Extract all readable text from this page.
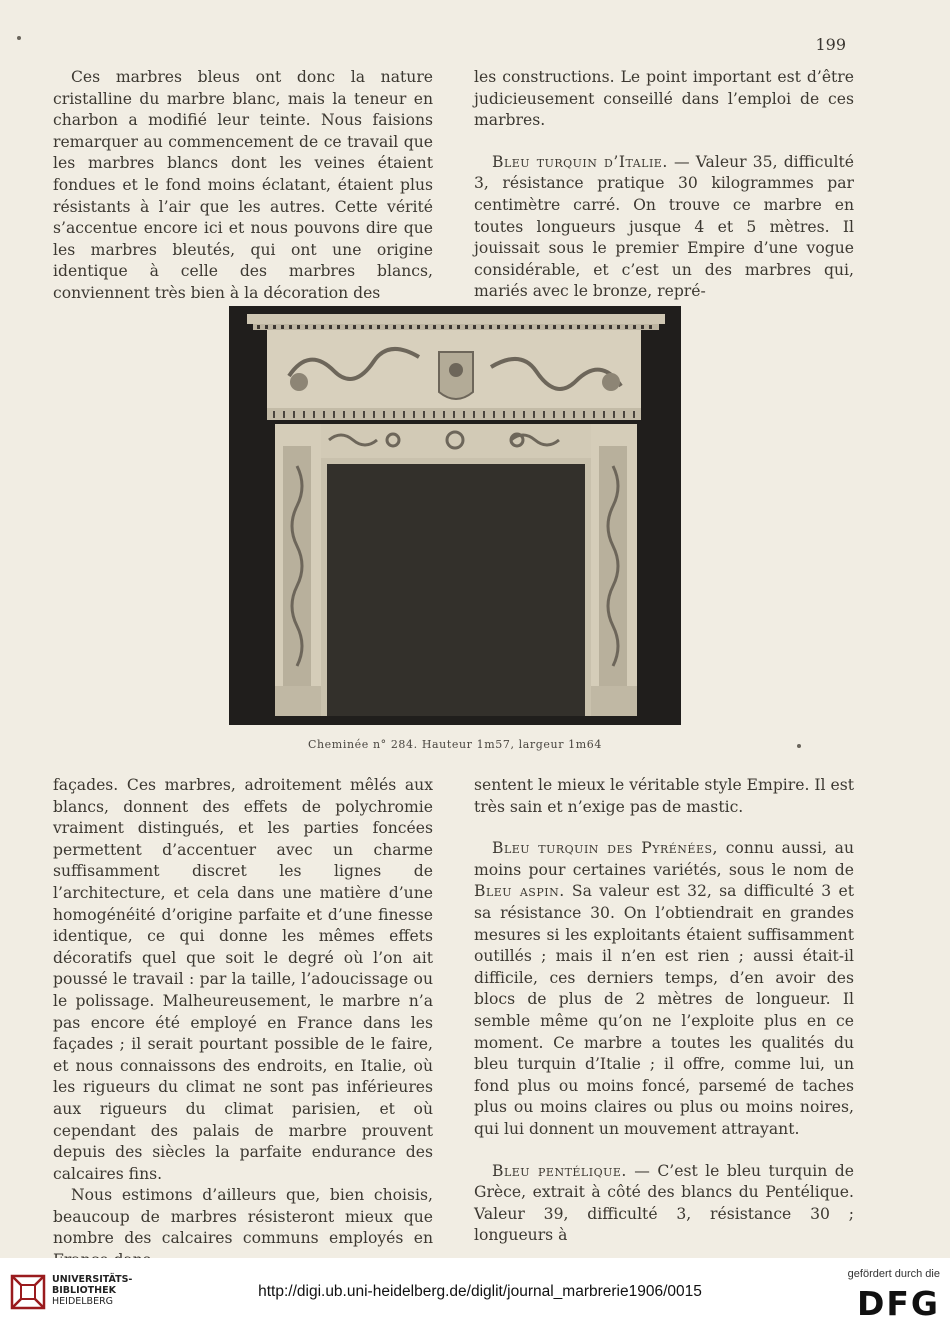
199

Ces marbres bleus ont donc la nature cristalline du marbre blanc, mais la teneur en charbon a modifié leur teinte. Nous faisions remarquer au commencement de ce travail que les marbres blancs dont les veines étaient fondues et le fond moins éclatant, étaient plus résistants à l’air que les autres. Cette vérité s’accentue encore ici et nous pouvons dire que les marbres bleutés, qui ont une origine identique à celle des marbres blancs, conviennent très bien à la décoration des

les constructions. Le point important est d’être judicieusement conseillé dans l’emploi de ces marbres.

Bleu turquin d’Italie. — Valeur 35, difficulté 3, résistance pratique 30 kilogrammes par centimètre carré. On trouve ce marbre en toutes longueurs jusque 4 et 5 mètres. Il jouissait sous le premier Empire d’une vogue considérable, et c’est un des marbres qui, mariés avec le bronze, repré-

Cheminée n° 284. Hauteur 1m57, largeur 1m64

façades. Ces marbres, adroitement mêlés aux blancs, donnent des effets de polychromie vraiment distingués, et les parties foncées permettent d’accentuer avec un charme suffisamment discret les lignes de l’architecture, et cela dans une matière d’une homogénéité d’origine parfaite et d’une finesse identique, ce qui donne les mêmes effets décoratifs quel que soit le degré où l’on ait poussé le travail : par la taille, l’adoucissage ou le polissage. Malheureusement, le marbre n’a pas encore été employé en France dans les façades ; il serait pourtant possible de le faire, et nous connaissons des endroits, en Italie, où les rigueurs du climat ne sont pas inférieures aux rigueurs du climat parisien, et où cependant des palais de marbre prouvent depuis des siècles la parfaite endurance des calcaires fins.

Nous estimons d’ailleurs que, bien choisis, beaucoup de marbres résisteront mieux que nombre des calcaires communs employés en

sentent le mieux le véritable style Empire. Il est très sain et n’exige pas de mastic.

Bleu turquin des Pyrénées, connu aussi, au moins pour certaines variétés, sous le nom de Bleu aspin. Sa valeur est 32, sa difficulté 3 et sa résistance 30. On l’obtiendrait en grandes mesures si les exploitants étaient suffisamment outillés ; mais il n’en est rien ; aussi était-il difficile, ces derniers temps, d’en avoir des blocs de plus de 2 mètres de longueur. Il semble même qu’on ne l’exploite plus en ce moment. Ce marbre a toutes les qualités du bleu turquin d’Italie ; il offre, comme lui, un fond plus ou moins foncé, parsemé de taches plus ou moins claires ou plus ou moins noires, qui lui donnent un mouvement attrayant.

Bleu pentélique. — C’est le bleu turquin de Grèce, extrait à côté des blancs du Pentélique. Valeur 39, difficulté 3, résistance 30 ; longueurs à

UNIVERSITÄTS-
BIBLIOTHEK
HEIDELBERG
http://digi.ub.uni-heidelberg.de/diglit/journal_marbrerie1906/0015
gefördert durch die
DFG
